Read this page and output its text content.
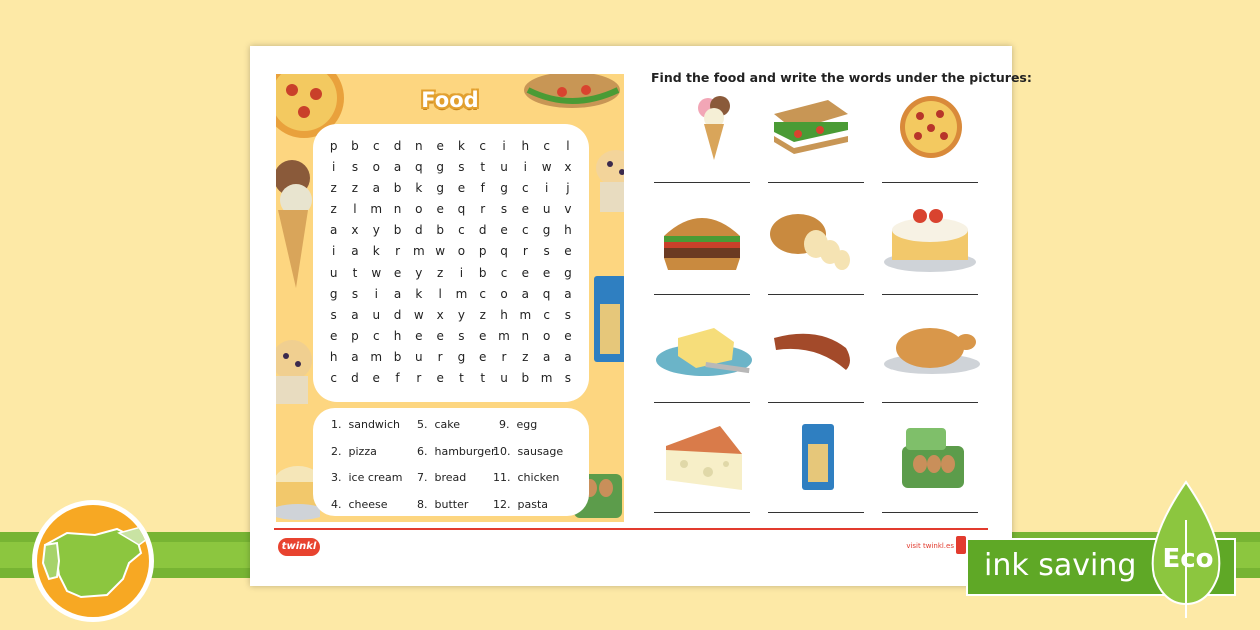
Food
p	b	c	d	n	e	k	c	i	h	c	l
i	s	o	a	q	g	s	t	u	i	w	x
z	z	a	b	k	g	e	f	g	c	i	j
z	l	m n	o	e	q	r	s	e	u	v
a	x	y	b	d	b	c	d	e	c	g	h
i	a	k	r	m w	o	p	q	r	s	e
u	t	w	e	y	z	i	b	c	e	e	g
g	s	i	a	k	l	m	c	o	a	q	a
s	a	u	d	w	x	y	z	h m	c	s
e	p	c	h	e	e	s	e m n	o	e
h	a m b	u	r	g	e	r	z	a	a
c	d	e	f	r	e	t	t	u	b m	s
1. sandwich
2. pizza
3. ice cream
4. cheese
5. cake
6. hamburger
7. bread
8. butter
9. egg
10. sausage
11. chicken
12. pasta
Find the food and write the words under the pictures:
twinkl	visit twinkl.es
ink saving Eco
